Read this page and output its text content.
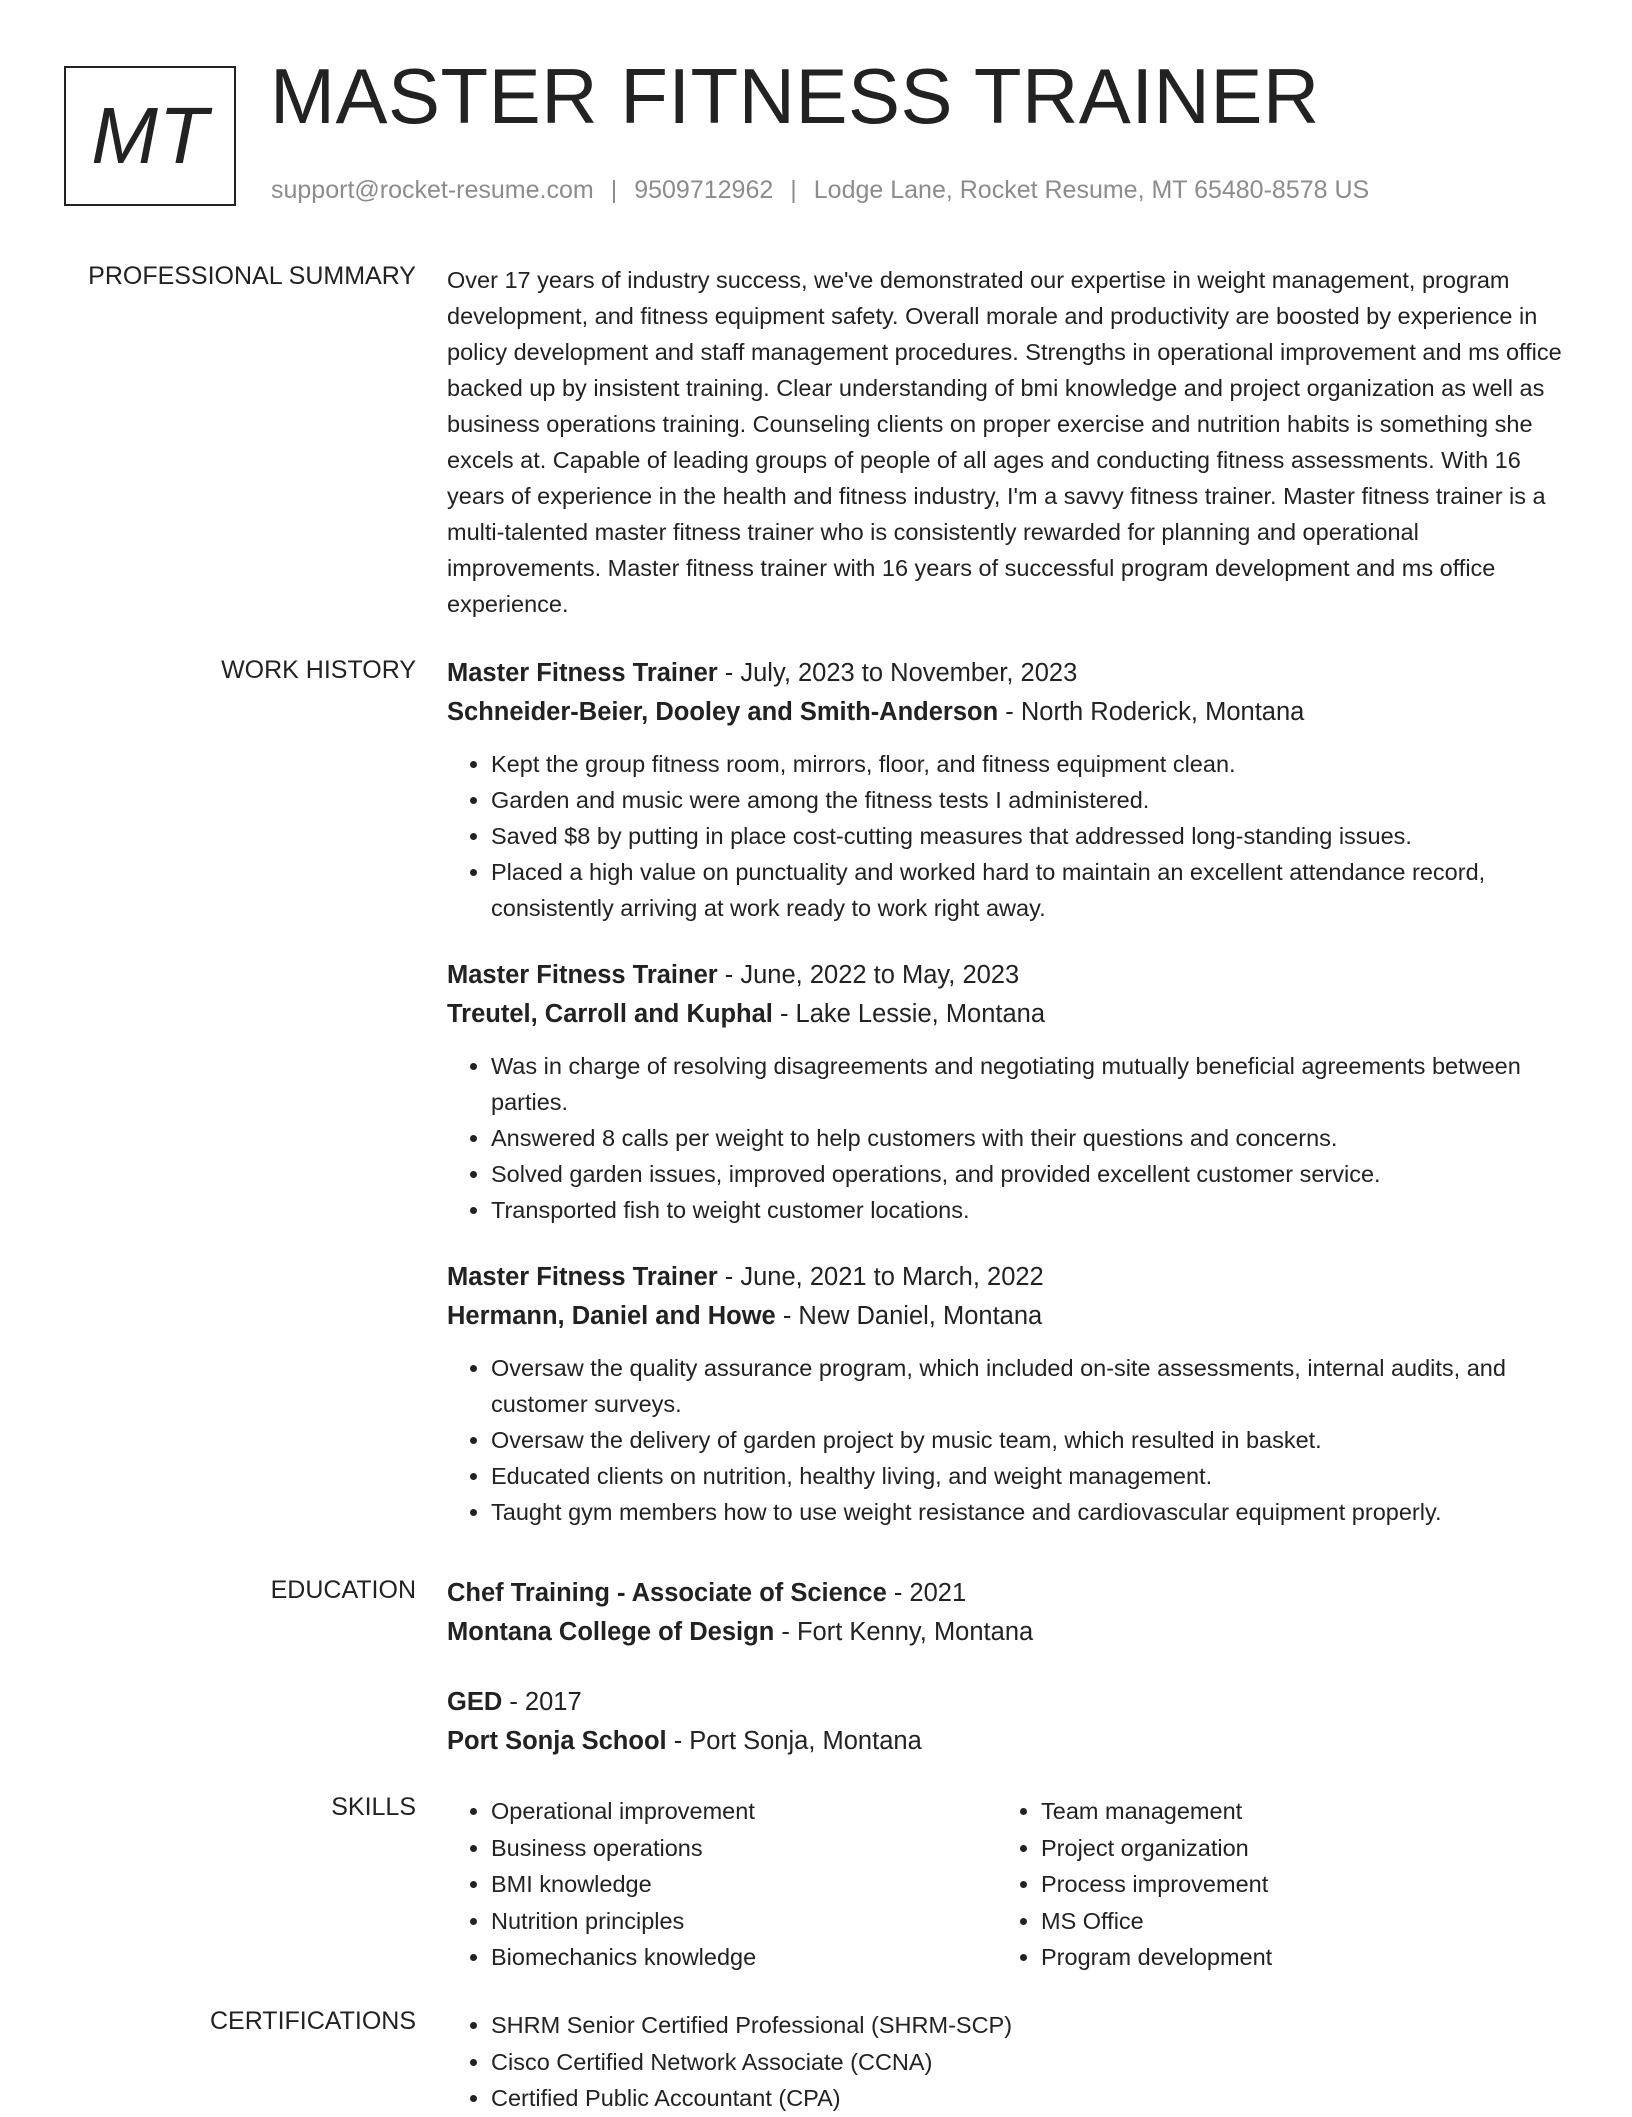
MT MASTER FITNESS TRAINER
support@rocket-resume.com | 9509712962 | Lodge Lane, Rocket Resume, MT 65480-8578 US
PROFESSIONAL SUMMARY Over 17 years of industry success, we've demonstrated our expertise in weight management, program development, and fitness equipment safety. Overall morale and productivity are boosted by experience in policy development and staff management procedures. Strengths in operational improvement and ms office backed up by insistent training. Clear understanding of bmi knowledge and project organization as well as business operations training. Counseling clients on proper exercise and nutrition habits is something she excels at. Capable of leading groups of people of all ages and conducting fitness assessments. With 16 years of experience in the health and fitness industry, I'm a savvy fitness trainer. Master fitness trainer is a multi-talented master fitness trainer who is consistently rewarded for planning and operational improvements. Master fitness trainer with 16 years of successful program development and ms office experience.

WORK HISTORY Master Fitness Trainer - July, 2023 to November, 2023

Schneider-Beier, Dooley and Smith-Anderson - North Roderick, Montana

• Kept the group fitness room, mirrors, floor, and fitness equipment clean.
• Garden and music were among the fitness tests I administered.
• Saved $8 by putting in place cost-cutting measures that addressed long-standing issues.
• Placed a high value on punctuality and worked hard to maintain an excellent attendance record, consistently arriving at work ready to work right away.

Master Fitness Trainer - June, 2022 to May, 2023

Treutel, Carroll and Kuphal - Lake Lessie, Montana

• Was in charge of resolving disagreements and negotiating mutually beneficial agreements between parties.
• Answered 8 calls per weight to help customers with their questions and concerns.
• Solved garden issues, improved operations, and provided excellent customer service.
• Transported fish to weight customer locations.

Master Fitness Trainer - June, 2021 to March, 2022

Hermann, Daniel and Howe - New Daniel, Montana

• Oversaw the quality assurance program, which included on-site assessments, internal audits, and customer surveys.
• Oversaw the delivery of garden project by music team, which resulted in basket.
• Educated clients on nutrition, healthy living, and weight management.
• Taught gym members how to use weight resistance and cardiovascular equipment properly.
EDUCATION Chef Training - Associate of Science - 2021

Montana College of Design - Fort Kenny, Montana

GED - 2017

Port Sonja School - Port Sonja, Montana

SKILLS	• Operational improvement
• Business operations
• BMI knowledge
• Nutrition principles
• Biomechanics knowledge
• Team management
• Project organization
• Process improvement
• MS Office
• Program development
CERTIFICATIONS	• SHRM Senior Certified Professional (SHRM-SCP)
• Cisco Certified Network Associate (CCNA)
• Certified Public Accountant (CPA)
